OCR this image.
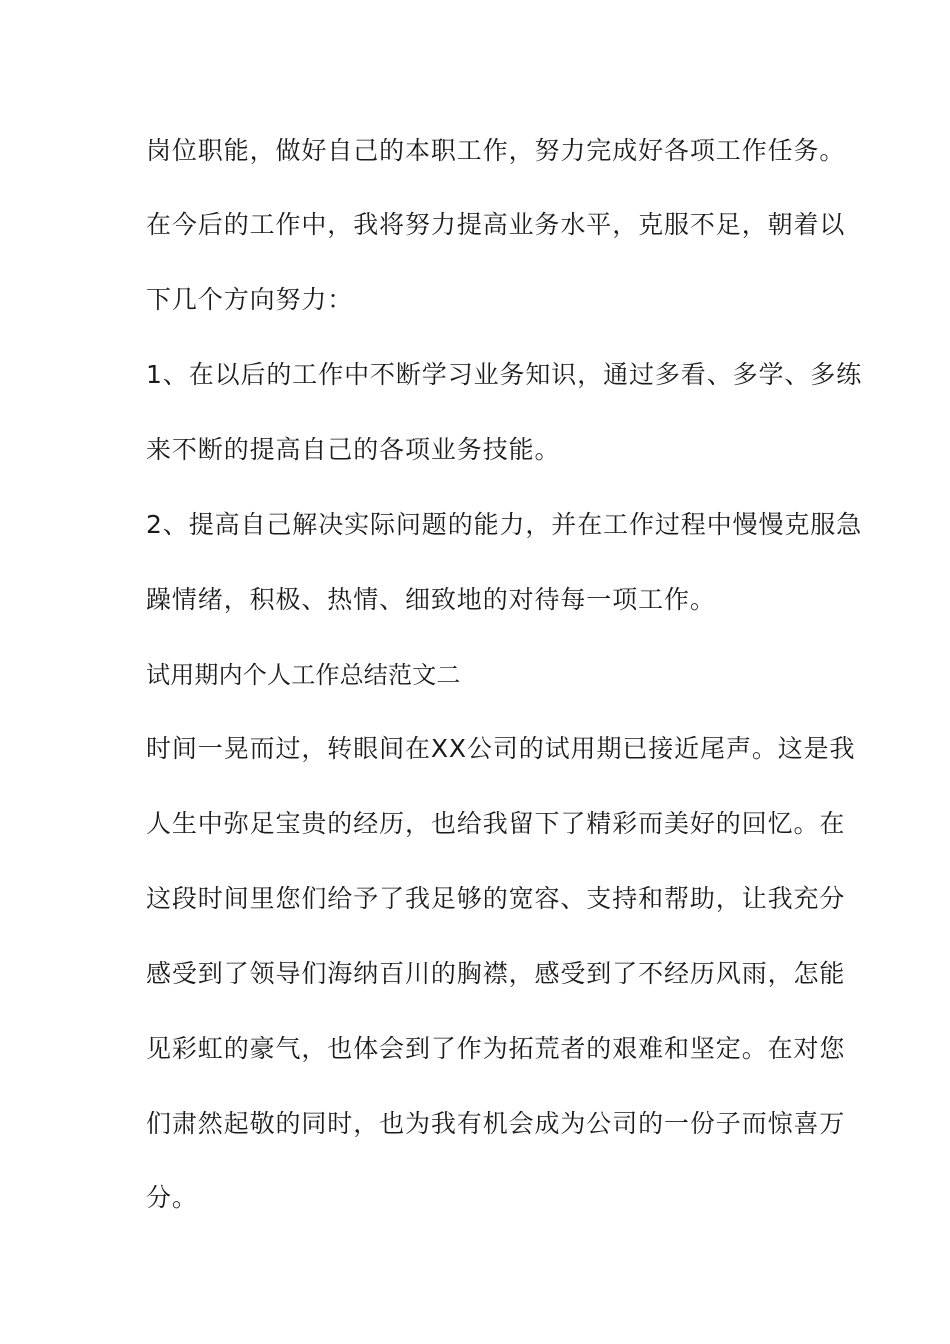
岗位职能，做好自己的本职工作，努力完成好各项工作任务。
在今后的工作中，我将努力提高业务水平，克服不足，朝着以
下几个方向努力：
1、在以后的工作中不断学习业务知识，通过多看、多学、多练
来不断的提高自己的各项业务技能。
2、提高自己解决实际问题的能力，并在工作过程中慢慢克服急
躁情绪，积极、热情、细致地的对待每一项工作。
试用期内个人工作总结范文二
时间一晃而过，转眼间在XX公司的试用期已接近尾声。这是我
人生中弥足宝贵的经历，也给我留下了精彩而美好的回忆。在
这段时间里您们给予了我足够的宽容、支持和帮助，让我充分
感受到了领导们海纳百川的胸襟，感受到了不经历风雨，怎能
见彩虹的豪气，也体会到了作为拓荒者的艰难和坚定。在对您
们肃然起敬的同时，也为我有机会成为公司的一份子而惊喜万
分。
